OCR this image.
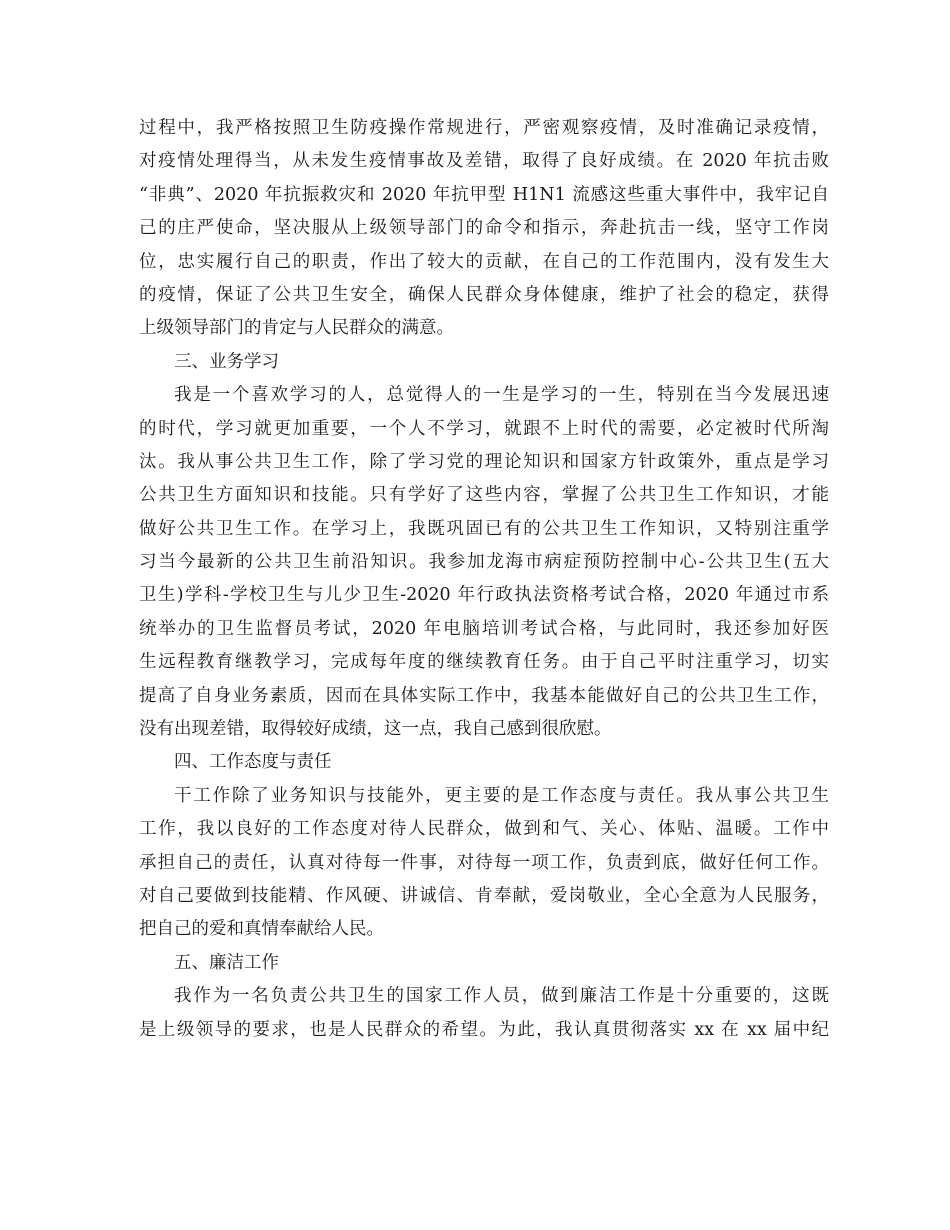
过程中，我严格按照卫生防疫操作常规进行，严密观察疫情，及时准确记录疫情，
对疫情处理得当，从未发生疫情事故及差错，取得了良好成绩。在 2020 年抗击败
“非典”、2020 年抗振救灾和 2020 年抗甲型 H1N1 流感这些重大事件中，我牢记自
己的庄严使命，坚决服从上级领导部门的命令和指示，奔赴抗击一线，坚守工作岗
位，忠实履行自己的职责，作出了较大的贡献，在自己的工作范围内，没有发生大
的疫情，保证了公共卫生安全，确保人民群众身体健康，维护了社会的稳定，获得
上级领导部门的肯定与人民群众的满意。
三、业务学习
我是一个喜欢学习的人，总觉得人的一生是学习的一生，特别在当今发展迅速
的时代，学习就更加重要，一个人不学习，就跟不上时代的需要，必定被时代所淘
汰。我从事公共卫生工作，除了学习党的理论知识和国家方针政策外，重点是学习
公共卫生方面知识和技能。只有学好了这些内容，掌握了公共卫生工作知识，才能
做好公共卫生工作。在学习上，我既巩固已有的公共卫生工作知识，又特别注重学
习当今最新的公共卫生前沿知识。我参加龙海市病症预防控制中心-公共卫生(五大
卫生)学科-学校卫生与儿少卫生-2020 年行政执法资格考试合格，2020 年通过市系
统举办的卫生监督员考试，2020 年电脑培训考试合格，与此同时，我还参加好医
生远程教育继教学习，完成每年度的继续教育任务。由于自己平时注重学习，切实
提高了自身业务素质，因而在具体实际工作中，我基本能做好自己的公共卫生工作，
没有出现差错，取得较好成绩，这一点，我自己感到很欣慰。
四、工作态度与责任
干工作除了业务知识与技能外，更主要的是工作态度与责任。我从事公共卫生
工作，我以良好的工作态度对待人民群众，做到和气、关心、体贴、温暖。工作中
承担自己的责任，认真对待每一件事，对待每一项工作，负责到底，做好任何工作。
对自己要做到技能精、作风硬、讲诚信、肯奉献，爱岗敬业，全心全意为人民服务，
把自己的爱和真情奉献给人民。
五、廉洁工作
我作为一名负责公共卫生的国家工作人员，做到廉洁工作是十分重要的，这既
是上级领导的要求，也是人民群众的希望。为此，我认真贯彻落实 xx 在 xx 届中纪
